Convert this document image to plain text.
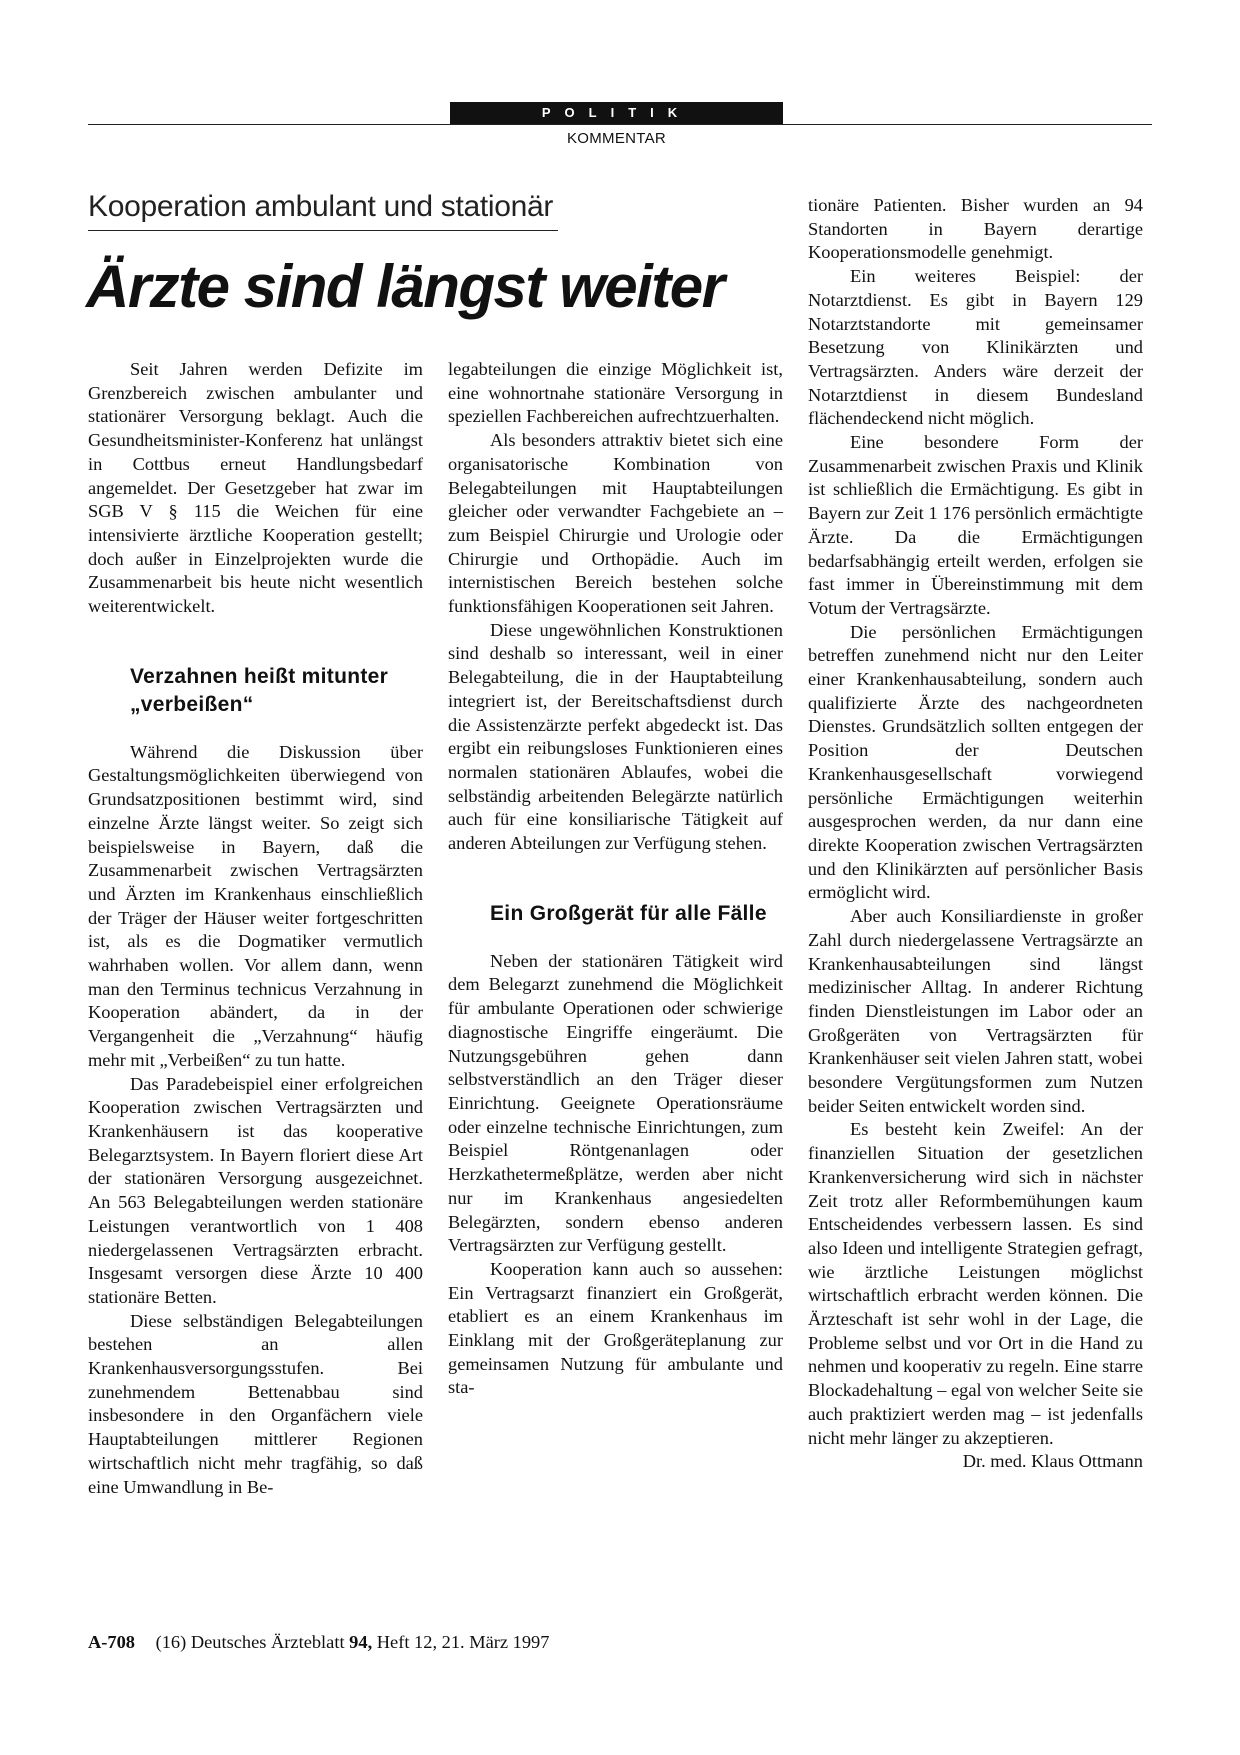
POLITIK
KOMMENTAR
Kooperation ambulant und stationär
Ärzte sind längst weiter

Seit Jahren werden Defizite im Grenzbereich zwischen ambulanter und stationärer Versorgung beklagt. Auch die Gesundheitsminister-Konferenz hat unlängst in Cottbus erneut Handlungsbedarf angemeldet. Der Gesetzgeber hat zwar im SGB V § 115 die Weichen für eine intensivierte ärztliche Kooperation gestellt; doch außer in Einzelprojekten wurde die Zusammenarbeit bis heute nicht wesentlich weiterentwickelt.

Verzahnen heißt mitunter „verbeißen“

Während die Diskussion über Gestaltungsmöglichkeiten überwiegend von Grundsatzpositionen bestimmt wird, sind einzelne Ärzte längst weiter. So zeigt sich beispielsweise in Bayern, daß die Zusammenarbeit zwischen Vertragsärzten und Ärzten im Krankenhaus einschließlich der Träger der Häuser weiter fortgeschritten ist, als es die Dogmatiker vermutlich wahrhaben wollen. Vor allem dann, wenn man den Terminus technicus Verzahnung in Kooperation abändert, da in der Vergangenheit die „Verzahnung“ häufig mehr mit „Verbeißen“ zu tun hatte.

Das Paradebeispiel einer erfolgreichen Kooperation zwischen Vertragsärzten und Krankenhäusern ist das kooperative Belegarztsystem. In Bayern floriert diese Art der stationären Versorgung ausgezeichnet. An 563 Belegabteilungen werden stationäre Leistungen verantwortlich von 1 408 niedergelassenen Vertragsärzten erbracht. Insgesamt versorgen diese Ärzte 10 400 stationäre Betten.

Diese selbständigen Belegabteilungen bestehen an allen Krankenhausversorgungsstufen. Bei zunehmendem Bettenabbau sind insbesondere in den Organfächern viele Hauptabteilungen mittlerer Regionen wirtschaftlich nicht mehr tragfähig, so daß eine Umwandlung in Be-

legabteilungen die einzige Möglichkeit ist, eine wohnortnahe stationäre Versorgung in speziellen Fachbereichen aufrechtzuerhalten.

Als besonders attraktiv bietet sich eine organisatorische Kombination von Belegabteilungen mit Hauptabteilungen gleicher oder verwandter Fachgebiete an – zum Beispiel Chirurgie und Urologie oder Chirurgie und Orthopädie. Auch im internistischen Bereich bestehen solche funktionsfähigen Kooperationen seit Jahren.

Diese ungewöhnlichen Konstruktionen sind deshalb so interessant, weil in einer Belegabteilung, die in der Hauptabteilung integriert ist, der Bereitschaftsdienst durch die Assistenzärzte perfekt abgedeckt ist. Das ergibt ein reibungsloses Funktionieren eines normalen stationären Ablaufes, wobei die selbständig arbeitenden Belegärzte natürlich auch für eine konsiliarische Tätigkeit auf anderen Abteilungen zur Verfügung stehen.

Ein Großgerät für alle Fälle

Neben der stationären Tätigkeit wird dem Belegarzt zunehmend die Möglichkeit für ambulante Operationen oder schwierige diagnostische Eingriffe eingeräumt. Die Nutzungsgebühren gehen dann selbstverständlich an den Träger dieser Einrichtung. Geeignete Operationsräume oder einzelne technische Einrichtungen, zum Beispiel Röntgenanlagen oder Herzkathetermeßplätze, werden aber nicht nur im Krankenhaus angesiedelten Belegärzten, sondern ebenso anderen Vertragsärzten zur Verfügung gestellt.

Kooperation kann auch so aussehen: Ein Vertragsarzt finanziert ein Großgerät, etabliert es an einem Krankenhaus im Einklang mit der Großgeräteplanung zur gemeinsamen Nutzung für ambulante und sta-

tionäre Patienten. Bisher wurden an 94 Standorten in Bayern derartige Kooperationsmodelle genehmigt.

Ein weiteres Beispiel: der Notarztdienst. Es gibt in Bayern 129 Notarztstandorte mit gemeinsamer Besetzung von Klinikärzten und Vertragsärzten. Anders wäre derzeit der Notarztdienst in diesem Bundesland flächendeckend nicht möglich.

Eine besondere Form der Zusammenarbeit zwischen Praxis und Klinik ist schließlich die Ermächtigung. Es gibt in Bayern zur Zeit 1 176 persönlich ermächtigte Ärzte. Da die Ermächtigungen bedarfsabhängig erteilt werden, erfolgen sie fast immer in Übereinstimmung mit dem Votum der Vertragsärzte.

Die persönlichen Ermächtigungen betreffen zunehmend nicht nur den Leiter einer Krankenhausabteilung, sondern auch qualifizierte Ärzte des nachgeordneten Dienstes. Grundsätzlich sollten entgegen der Position der Deutschen Krankenhausgesellschaft vorwiegend persönliche Ermächtigungen weiterhin ausgesprochen werden, da nur dann eine direkte Kooperation zwischen Vertragsärzten und den Klinikärzten auf persönlicher Basis ermöglicht wird.

Aber auch Konsiliardienste in großer Zahl durch niedergelassene Vertragsärzte an Krankenhausabteilungen sind längst medizinischer Alltag. In anderer Richtung finden Dienstleistungen im Labor oder an Großgeräten von Vertragsärzten für Krankenhäuser seit vielen Jahren statt, wobei besondere Vergütungsformen zum Nutzen beider Seiten entwickelt worden sind.

Es besteht kein Zweifel: An der finanziellen Situation der gesetzlichen Krankenversicherung wird sich in nächster Zeit trotz aller Reformbemühungen kaum Entscheidendes verbessern lassen. Es sind also Ideen und intelligente Strategien gefragt, wie ärztliche Leistungen möglichst wirtschaftlich erbracht werden können. Die Ärzteschaft ist sehr wohl in der Lage, die Probleme selbst und vor Ort in die Hand zu nehmen und kooperativ zu regeln. Eine starre Blockadehaltung – egal von welcher Seite sie auch praktiziert werden mag – ist jedenfalls nicht mehr länger zu akzeptieren.

Dr. med. Klaus Ottmann

A-708 (16) Deutsches Ärzteblatt 94, Heft 12, 21. März 1997
